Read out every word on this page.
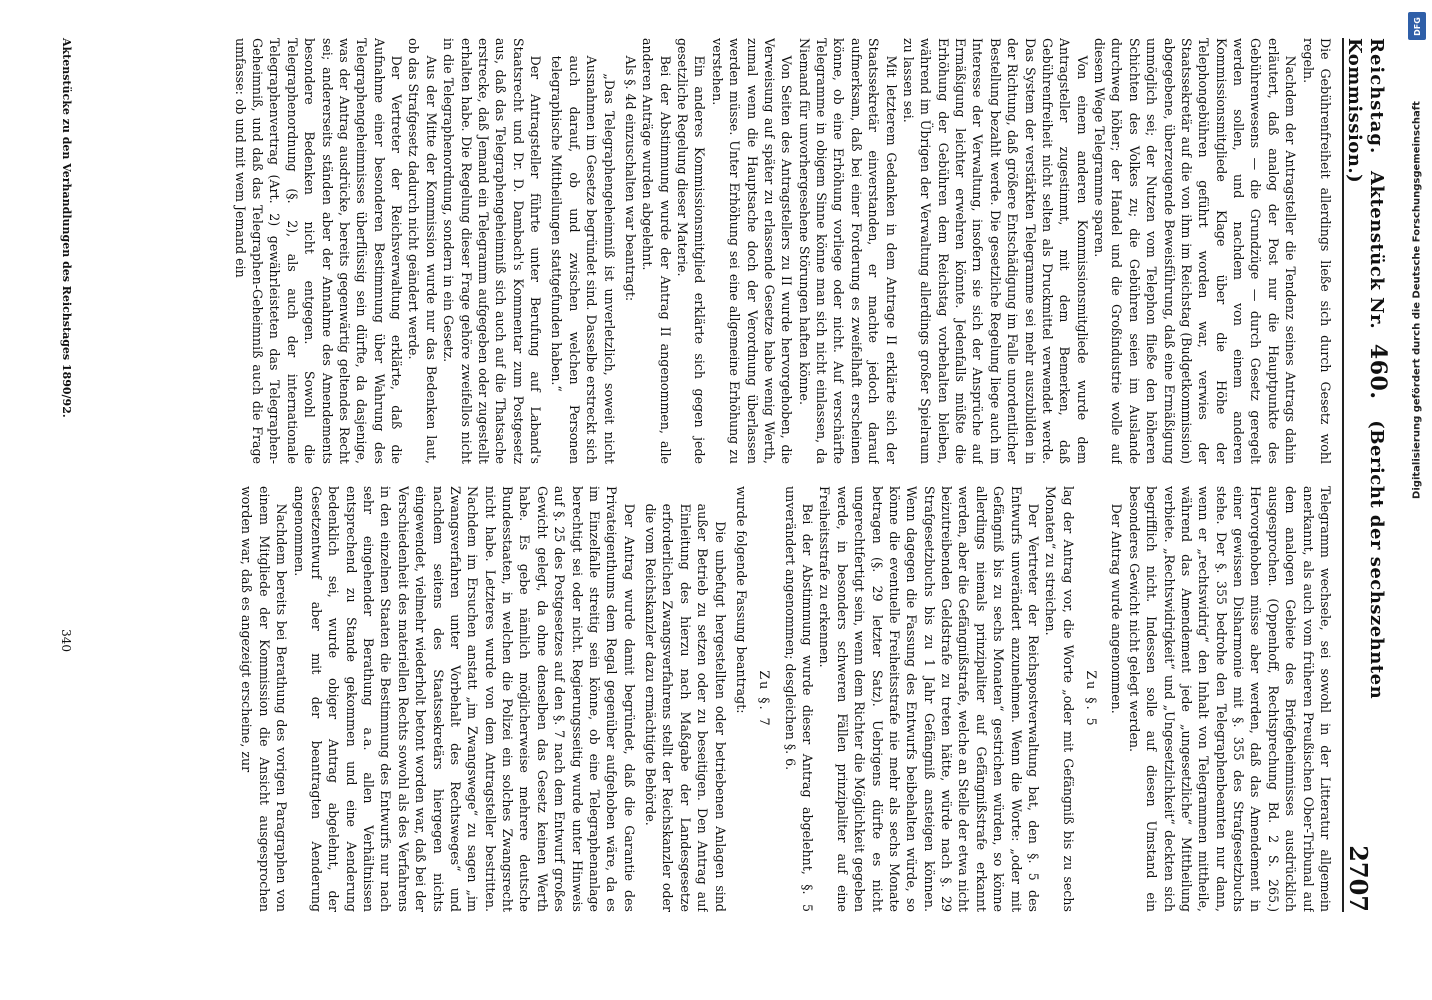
Reichstag. Aktenstück Nr. 460. (Bericht der sechszehnten Kommission.)
2707

Die Gebührenfreiheit allerdings ließe sich durch Gesetz wohl regeln.

Nachdem der Antragsteller die Tendenz seines Antrags dahin erläutert, daß analog der Post nur die Hauptpunkte des Gebührenwesens — die Grundzüge — durch Gesetz geregelt werden sollen, und nachdem von einem anderen Kommissionsmitgliede Klage über die Höhe der Telephongebühren geführt worden war, verwies der Staatssekretär auf die von ihm im Reichstag (Budgetkommission) abgegebene, überzeugende Beweisführung, daß eine Ermäßigung unmöglich sei; der Nutzen vom Telephon fließe den höheren Schichten des Volkes zu; die Gebühren seien im Auslande durchweg höher; der Handel und die Großindustrie wolle auf diesem Wege Telegramme sparen.

Von einem anderen Kommissionsmitgliede wurde dem Antragsteller zugestimmt, mit dem Bemerken, daß Gebührenfreiheit nicht selten als Druckmittel verwendet werde. Das System der verstärkten Telegramme sei mehr auszubilden in der Richtung, daß größere Entschädigung im Falle unordentlicher Bestellung bezahlt werde. Die gesetzliche Regelung liege auch im Interesse der Verwaltung, insofern sie sich der Ansprüche auf Ermäßigung leichter erwehren könnte. Jedenfalls müßte die Erhöhung der Gebühren dem Reichstag vorbehalten bleiben, während im Übrigen der Verwaltung allerdings großer Spielraum zu lassen sei.

Mit letzterem Gedanken in dem Antrage II erklärte sich der Staatssekretär einverstanden, er machte jedoch darauf aufmerksam, daß bei einer Forderung es zweifelhaft erscheinen könne, ob eine Erhöhung vorliege oder nicht. Auf verschärfte Telegramme in obigem Sinne könne man sich nicht einlassen, da Niemand für unvorhergesehene Störungen haften könne.

Von Seiten des Antragstellers zu II wurde hervorgehoben, die Verweisung auf später zu erlassende Gesetze habe wenig Werth, zumal wenn die Hauptsache doch der Verordnung überlassen werden müsse. Unter Erhöhung sei eine allgemeine Erhöhung zu verstehen.

Ein anderes Kommissionsmitglied erklärte sich gegen jede gesetzliche Regelung dieser Materie.

Bei der Abstimmung wurde der Antrag II angenommen, alle anderen Anträge wurden abgelehnt.

Als §. 4d einzuschalten war beantragt:

„Das Telegraphengeheimniß ist unverletzlich, soweit nicht Ausnahmen im Gesetze begründet sind. Dasselbe erstreckt sich auch darauf, ob und zwischen welchen Personen telegraphische Mittheilungen stattgefunden haben.“

Der Antragsteller führte unter Berufung auf Laband's Staatsrecht und Dr. D. Dambach's Kommentar zum Postgesetz aus, daß das Telegraphengeheimniß sich auch auf die Thatsache erstrecke, daß Jemand ein Telegramm aufgegeben oder zugestellt erhalten habe. Die Regelung dieser Frage gehöre zweifellos nicht in die Telegraphenordnung, sondern in ein Gesetz.

Aus der Mitte der Kommission wurde nur das Bedenken laut, ob das Strafgesetz dadurch nicht geändert werde.

Der Vertreter der Reichsverwaltung erklärte, daß die Aufnahme einer besonderen Bestimmung über Wahrung des Telegraphengeheimnisses überflüssig sein dürfte, da dasjenige, was der Antrag ausdrücke, bereits gegenwärtig geltendes Recht sei; andererseits ständen aber der Annahme des Amendements besondere Bedenken nicht entgegen. Sowohl die Telegraphenordnung (§. 2), als auch der internationale Telegraphenvertrag (Art. 2) gewährleisteten das Telegraphen-Geheimniß, und daß das Telegraphen-Geheimniß auch die Frage umfasse: ob und mit wem Jemand ein

Telegramm wechsele, sei sowohl in der Litteratur allgemein anerkannt, als auch vom früheren Preußischen Ober-Tribunal auf dem analogen Gebiete des Briefgeheimnisses ausdrücklich ausgesprochen. (Oppenhoff, Rechtsprechung Bd. 2 S. 265.) Hervorgehoben müsse aber werden, daß das Amendement in einer gewissen Disharmonie mit §. 355 des Strafgesetzbuchs stehe. Der §. 355 bedrohe den Telegraphenbeamten nur dann, wenn er „rechtswidrig“ den Inhalt von Telegrammen mittheile, während das Amendement jede „ungesetzliche“ Mittheilung verbiete. „Rechtswidrigkeit“ und „Ungesetzlichkeit“ deckten sich begrifflich nicht. Indessen solle auf diesen Umstand ein besonderes Gewicht nicht gelegt werden.

Der Antrag wurde angenommen.

Zu §. 5

lag der Antrag vor, die Worte „oder mit Gefängniß bis zu sechs Monaten“ zu streichen.

Der Vertreter der Reichspostverwaltung bat, den §. 5 des Entwurfs unverändert anzunehmen. Wenn die Worte: „oder mit Gefängniß bis zu sechs Monaten“ gestrichen würden, so könne allerdings niemals prinzipaliter auf Gefängnißstrafe erkannt werden, aber die Gefängnißstrafe, welche an Stelle der etwa nicht beizutreibenden Geldstrafe zu treten hätte, würde nach §. 29 Strafgesetzbuchs bis zu 1 Jahr Gefängniß ansteigen können. Wenn dagegen die Fassung des Entwurfs beibehalten würde, so könne die eventuelle Freiheitsstrafe nie mehr als sechs Monate betragen (§. 29 letzter Satz). Uebrigens dürfte es nicht ungerechtfertigt sein, wenn dem Richter die Möglichkeit gegeben werde, in besonders schweren Fällen prinzipaliter auf eine Freiheitsstrafe zu erkennen.

Bei der Abstimmung wurde dieser Antrag abgelehnt, §. 5 unverändert angenommen; desgleichen §. 6.

Zu §. 7

wurde folgende Fassung beantragt:

Die unbefugt hergestellten oder betriebenen Anlagen sind außer Betrieb zu setzen oder zu beseitigen. Den Antrag auf Einleitung des hierzu nach Maßgabe der Landesgesetze erforderlichen Zwangsverfahrens stellt der Reichskanzler oder die vom Reichskanzler dazu ermächtigte Behörde.

Der Antrag wurde damit begründet, daß die Garantie des Privateigenthums dem Regal gegenüber aufgehoben wäre, da es im Einzelfalle streitig sein könne, ob eine Telegraphenanlage berechtigt sei oder nicht. Regierungsseitig wurde unter Hinweis auf §. 25 des Postgesetzes auf den §. 7 nach dem Entwurf großes Gewicht gelegt, da ohne denselben das Gesetz keinen Werth habe. Es gebe nämlich möglicherweise mehrere deutsche Bundesstaaten, in welchen die Polizei ein solches Zwangsrecht nicht habe. Letzteres wurde von dem Antragsteller bestritten. Nachdem im Ersuchen anstatt „im Zwangswege“ zu sagen „im Zwangsverfahren unter Vorbehalt des Rechtsweges“ und nachdem seitens des Staatssekretärs hiergegen nichts eingewendet, vielmehr wiederholt betont worden war, daß bei der Verschiedenheit des materiellen Rechts sowohl als des Verfahrens in den einzelnen Staaten die Bestimmung des Entwurfs nur nach sehr eingehender Berathung a.a. allen Verhältnissen entsprechend zu Stande gekommen und eine Aenderung bedenklich sei, wurde obiger Antrag abgelehnt, der Gesetzentwurf aber mit der beantragten Aenderung angenommen.

Nachdem bereits bei Berathung des vorigen Paragraphen von einem Mitgliede der Kommission die Ansicht ausgesprochen worden war, daß es angezeigt erscheine, zur

Aktenstücke zu den Verhandlungen des Reichstages 1890/92.
340
DFG
Digitalisierung gefördert durch die Deutsche Forschungsgemeinschaft
